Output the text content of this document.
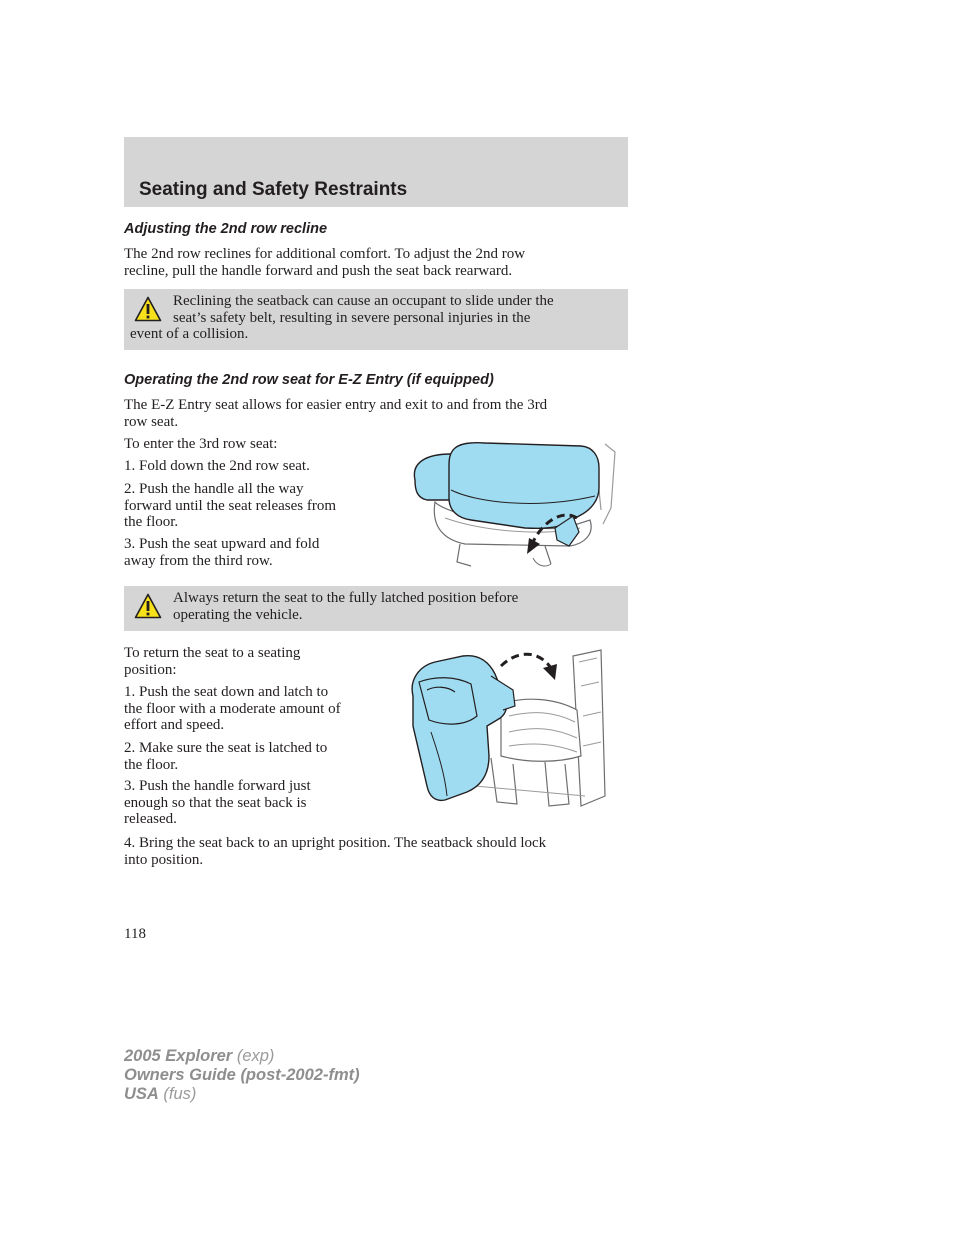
Seating and Safety Restraints
Adjusting the 2nd row recline
The 2nd row reclines for additional comfort. To adjust the 2nd row
recline, pull the handle forward and push the seat back rearward.
Reclining the seatback can cause an occupant to slide under the
seat’s safety belt, resulting in severe personal injuries in the
event of a collision.
Operating the 2nd row seat for E-Z Entry (if equipped)
The E-Z Entry seat allows for easier entry and exit to and from the 3rd
row seat.
To enter the 3rd row seat:
1. Fold down the 2nd row seat.
2. Push the handle all the way
forward until the seat releases from
the floor.
3. Push the seat upward and fold
away from the third row.
Always return the seat to the fully latched position before
operating the vehicle.
To return the seat to a seating
position:
1. Push the seat down and latch to
the floor with a moderate amount of
effort and speed.
2. Make sure the seat is latched to
the floor.
3. Push the handle forward just
enough so that the seat back is
released.
4. Bring the seat back to an upright position. The seatback should lock
into position.
118
2005 Explorer (exp)
Owners Guide (post-2002-fmt)
USA (fus)
